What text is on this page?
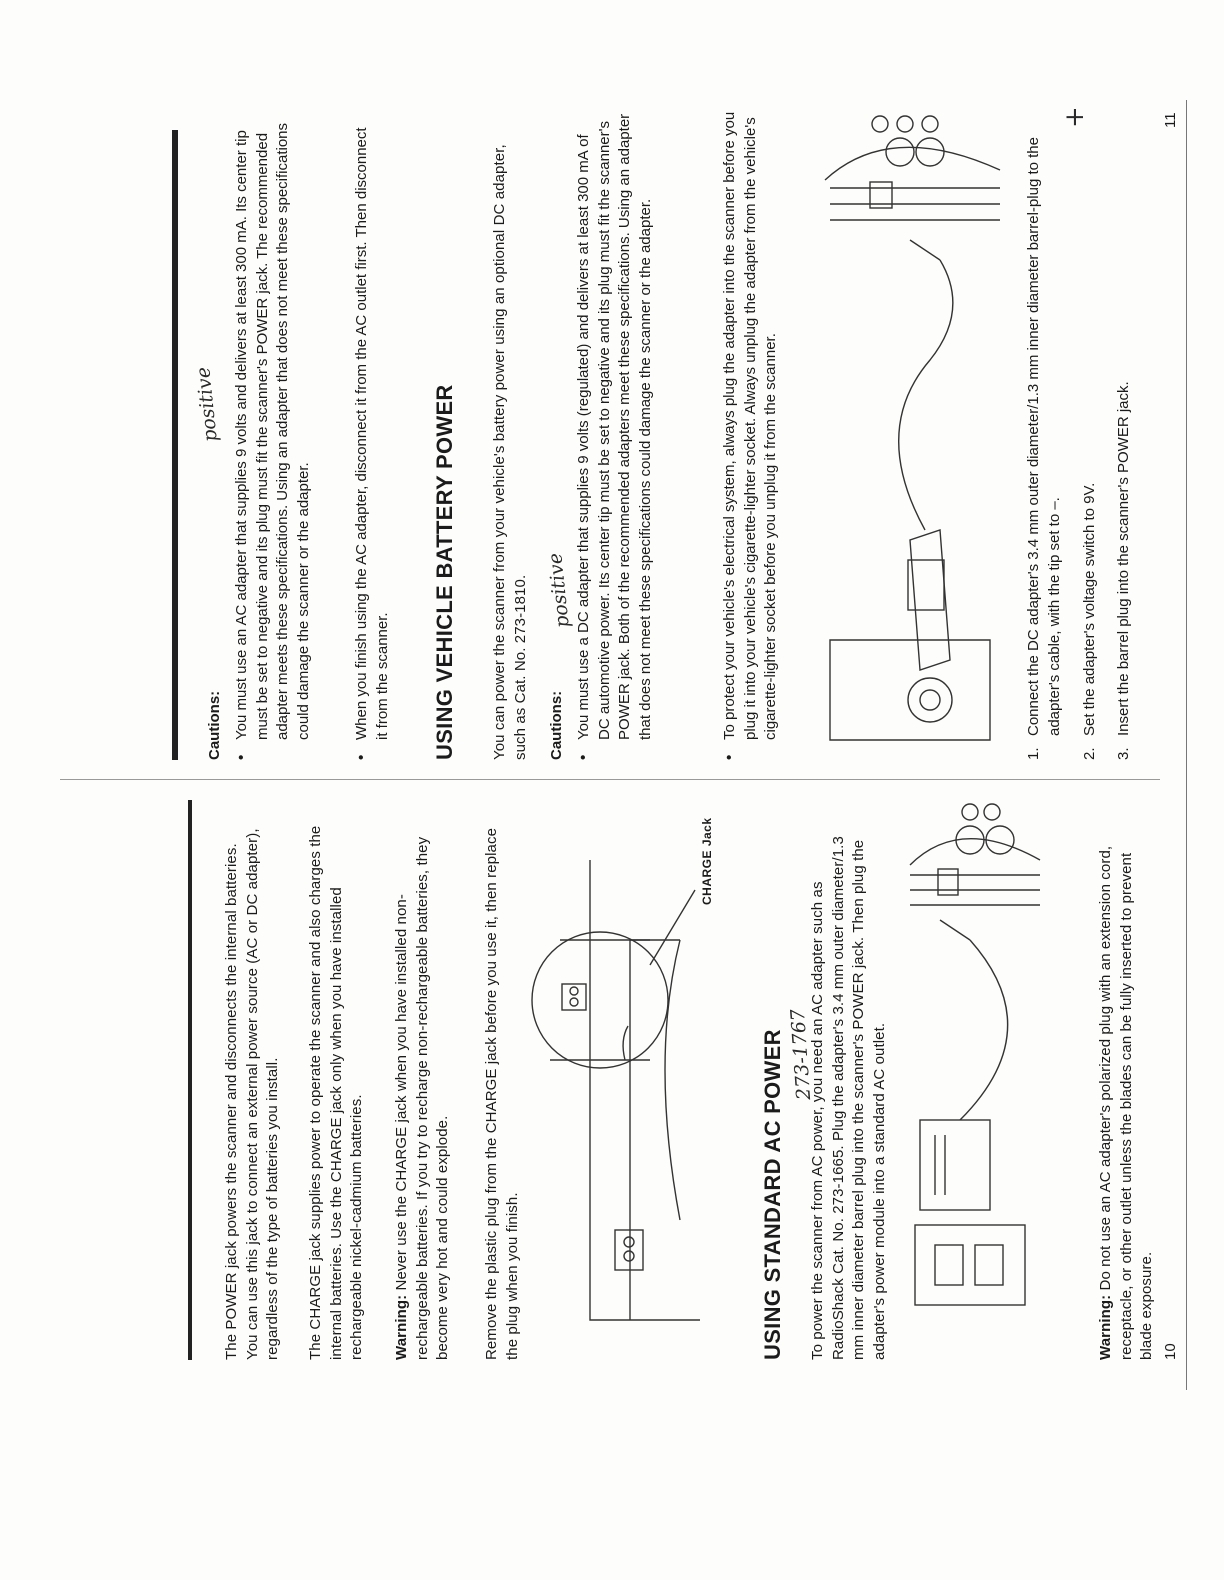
The POWER jack powers the scanner and disconnects the internal batteries. You can use this jack to connect an external power source (AC or DC adapter), regardless of the type of batteries you install. The CHARGE jack supplies power to operate the scanner and also charges the internal batteries. Use the CHARGE jack only when you have installed rechargeable nickel-cadmium batteries. Warning: Never use the CHARGE jack when you have installed non-rechargeable batteries. If you try to recharge non-rechargeable batteries, they become very hot and could explode. Remove the plastic plug from the CHARGE jack before you use it, then replace the plug when you finish.
CHARGE Jack
USING STANDARD AC POWER 273-1767
To power the scanner from AC power, you need an AC adapter such as RadioShack Cat. No. 273-1665. Plug the adapter's 3.4 mm outer diameter/1.3 mm inner diameter barrel plug into the scanner's POWER jack. Then plug the adapter's power module into a standard AC outlet.	Warning: Do not use an AC adapter's polarized plug with an extension cord, receptacle, or other outlet unless the blades can be fully inserted to prevent blade exposure. 10
Cautions:
positive
•
You must use an AC adapter that supplies 9 volts and delivers at least 300 mA. Its center tip must be set to negative and its plug must fit the scanner's POWER jack. The recommended adapter meets these specifications. Using an adapter that does not meet these specifications could damage the scanner or the adapter.
•
When you finish using the AC adapter, disconnect it from the AC outlet first. Then disconnect it from the scanner. USING VEHICLE BATTERY POWER You can power the scanner from your vehicle's battery power using an optional DC adapter, such as Cat. No. 273-1810. Cautions:
positive
•
You must use a DC adapter that supplies 9 volts (regulated) and delivers at least 300 mA of DC automotive power. Its center tip must be set to negative and its plug must fit the scanner's POWER jack. Both of the recommended adapters meet these specifications. Using an adapter that does not meet these specifications could damage the scanner or the adapter.
•
To protect your vehicle's electrical system, always plug the adapter into the scanner before you plug it into your vehicle's cigarette-lighter socket. Always unplug the adapter from the vehicle's cigarette-lighter socket before you unplug it from the scanner.
1.
Connect the DC adapter's 3.4 mm outer diameter/1.3 mm inner diameter barrel-plug to the adapter's cable, with the tip set to –.
+
2.
Set the adapter's voltage switch to 9V.
3.
Insert the barrel plug into the scanner's POWER jack.
11
